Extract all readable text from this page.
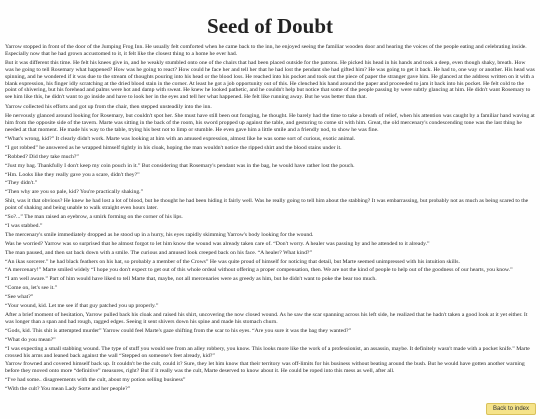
Seed of Doubt

Yarrow stopped in front of the door of the Jumping Frog Inn. He usually felt comforted when he came back to the inn, he enjoyed seeing the familiar wooden door and hearing the voices of the people eating and celebrating inside. Especially now that he had grown accustomed to it, it felt like the closest thing to a home he ever had.

But it was different this time. He felt his knees give in, and he weakly stumbled onto one of the chairs that had been placed outside for the patrons. He picked his head in his hands and took a deep, even though shaky, breath. How was he going to tell Rosemary what happened? How was he going to react? How could he face her and tell her that he had lost the pendant she had gifted him? He was going to get it back. He had to, one way or another. His head was spinning, and he wondered if it was due to the stream of thoughts pouring into his head or the blood loss. He reached into his pocket and took out the piece of paper the stranger gave him. He glanced at the address written on it with a blank expression, his finger idly scratching at the dried blood stain in the corner. At least he got a job opportunity out of this. He clenched his hand around the paper and proceeded to jam it back into his pocket. He felt cold to the point of shivering, but his forehead and palms were hot and damp with sweat. He knew he looked pathetic, and he couldn't help but notice that some of the people passing by were subtly glancing at him. He didn't want Rosemary to see him like this, he didn't want to go inside and have to look her in the eyes and tell her what happened. He felt like running away. But he was better than that.

Yarrow collected his efforts and got up from the chair, then stepped unsteadily into the inn.

He nervously glanced around looking for Rosemary, but couldn't spot her. She must have still been out foraging, he thought. He barely had the time to take a breath of relief, when his attention was caught by a familiar hand waving at him from the opposite side of the tavern. Marte was sitting in the back of the room, his sword propped up against the table, and gesturing to come sit with him. Great, the old mercenary's condescending tone was the last thing he needed at that moment. He made his way to the table, trying his best not to limp or stumble. He even gave him a little smile and a friendly nod, to show he was fine.

“What's wrong, kid?” It clearly didn't work. Marte was looking at him with an amused expression, almost like he was some sort of curious, exotic animal.

“I got robbed” he answered as he wrapped himself tightly in his cloak, hoping the man wouldn't notice the ripped shirt and the blood stains under it.

“Robbed? Did they take much?”

“Just my bag. Thankfully I don't keep my coin pouch in it.” But considering that Rosemary's pendant was in the bag, he would have rather lost the pouch.

“Hm. Looks like they really gave you a scare, didn't they?”

“They didn't.”

“Then why are you so pale, kid? You're practically shaking.”

Shit, was it that obvious? He knew he had lost a lot of blood, but he thought he had been hiding it fairly well. Was he really going to tell him about the stabbing? It was embarrassing, but probably not as much as being scared to the point of shaking and being unable to walk straight even hours later.

“So?...” The man raised an eyebrow, a smirk forming on the corner of his lips.

“I was stabbed.”

The mercenary's smile immediately dropped as he stood up in a hurry, his eyes rapidly skimming Yarrow's body looking for the wound.

Was he worried? Yarrow was so surprised that he almost forgot to let him know the wound was already taken care of. “Don't worry. A healer was passing by and he attended to it already.”

The man paused, and then sat back down with a smile. The curious and amused look creeped back on his face. “A healer? What kind?”

“An ikas sorcerer.” he had black feathers on his hat, so probably a member of the Crows” He was quite proud of himself for noticing that detail, but Marte seemed unimpressed with his intuition skills.

“A mercenary!” Marte smiled widely “I hope you don't expect to get out of this whole ordeal without offering a proper compensation, then. We are not the kind of people to help out of the goodness of our hearts, you know.”

“I am well aware.” Part of him would have liked to tell Marte that, maybe, not all mercenaries were as greedy as him, but he didn't want to poke the bear too much.

“Come on, let's see it.”

“See what?”

“Your wound, kid. Let me see if that guy patched you up properly.”

After a brief moment of hesitation, Yarrow pulled back his cloak and raised his shirt, uncovering the now closed wound. As he saw the scar spanning across his left side, he realized that he hadn't taken a good look at it yet either. It was longer than a span and had rough, ragged edges. Seeing it sent shivers down his spine and made his stomach churn.

“Gods, kid. This shit is attempted murder” Yarrow could feel Marte's gaze shifting from the scar to his eyes. “Are you sure it was the bag they wanted?”

“What do you mean?”

“I was expecting a small stabbing wound. The type of stuff you would see from an alley robbery, you know. This looks more like the work of a professionist, an assassin, maybe. It definitely wasn't made with a pocket knife.” Marte crossed his arms and leaned back against the wall “Stepped on someone's feet already, kid?”

Yarrow frowned and covered himself back up. It couldn't be the cult, could it? Sure, they let him know that their territory was off-limits for his business without beating around the bush. But he would have gotten another warning before they moved onto more “definitive” measures, right? But if it really was the cult, Marte deserved to know about it. He could be roped into this mess as well, after all.

“I've had some.. disagreements with the cult, about my potion selling business”

“With the cult? You mean Lady Sorte and her people?”

Back to index
